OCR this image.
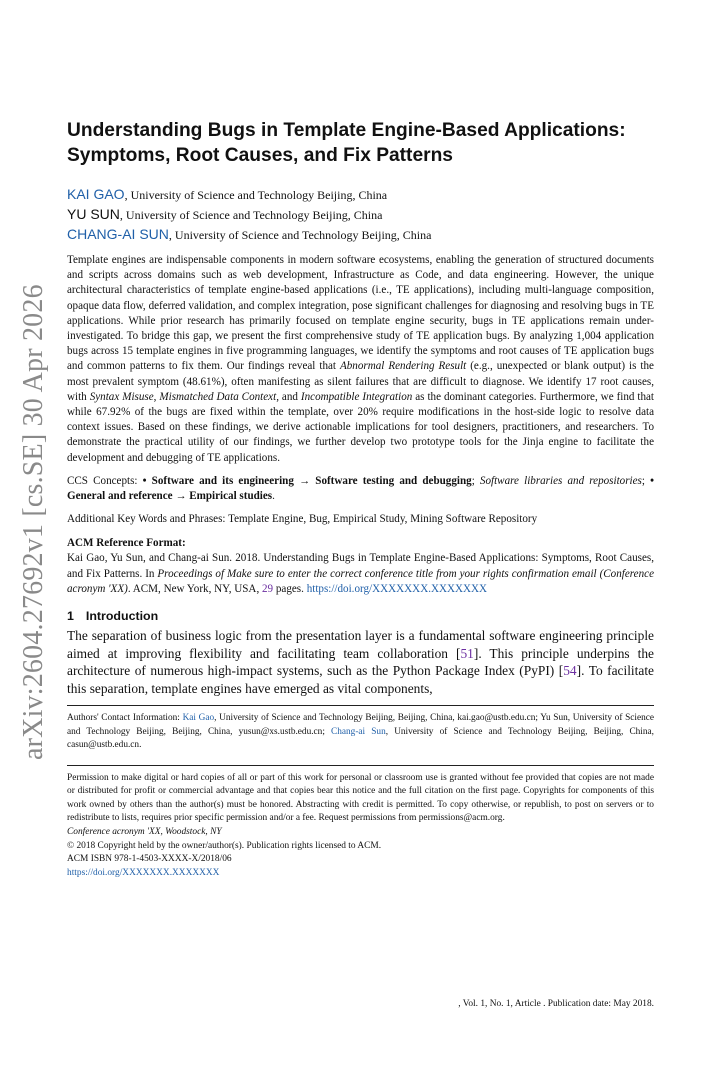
arXiv:2604.27692v1 [cs.SE] 30 Apr 2026
Understanding Bugs in Template Engine-Based Applications: Symptoms, Root Causes, and Fix Patterns
KAI GAO, University of Science and Technology Beijing, China
YU SUN, University of Science and Technology Beijing, China
CHANG-AI SUN, University of Science and Technology Beijing, China
Template engines are indispensable components in modern software ecosystems, enabling the generation of structured documents and scripts across domains such as web development, Infrastructure as Code, and data engineering. However, the unique architectural characteristics of template engine-based applications (i.e., TE applications), including multi-language composition, opaque data flow, deferred validation, and complex integration, pose significant challenges for diagnosing and resolving bugs in TE applications. While prior research has primarily focused on template engine security, bugs in TE applications remain under-investigated. To bridge this gap, we present the first comprehensive study of TE application bugs. By analyzing 1,004 application bugs across 15 template engines in five programming languages, we identify the symptoms and root causes of TE application bugs and common patterns to fix them. Our findings reveal that Abnormal Rendering Result (e.g., unexpected or blank output) is the most prevalent symptom (48.61%), often manifesting as silent failures that are difficult to diagnose. We identify 17 root causes, with Syntax Misuse, Mismatched Data Context, and Incompatible Integration as the dominant categories. Furthermore, we find that while 67.92% of the bugs are fixed within the template, over 20% require modifications in the host-side logic to resolve data context issues. Based on these findings, we derive actionable implications for tool designers, practitioners, and researchers. To demonstrate the practical utility of our findings, we further develop two prototype tools for the Jinja engine to facilitate the development and debugging of TE applications.
CCS Concepts: • Software and its engineering → Software testing and debugging; Software libraries and repositories; • General and reference → Empirical studies.
Additional Key Words and Phrases: Template Engine, Bug, Empirical Study, Mining Software Repository
ACM Reference Format:
Kai Gao, Yu Sun, and Chang-ai Sun. 2018. Understanding Bugs in Template Engine-Based Applications: Symptoms, Root Causes, and Fix Patterns. In Proceedings of Make sure to enter the correct conference title from your rights confirmation email (Conference acronym 'XX). ACM, New York, NY, USA, 29 pages. https://doi.org/XXXXXXX.XXXXXXX
1 Introduction
The separation of business logic from the presentation layer is a fundamental software engineering principle aimed at improving flexibility and facilitating team collaboration [51]. This principle underpins the architecture of numerous high-impact systems, such as the Python Package Index (PyPI) [54]. To facilitate this separation, template engines have emerged as vital components,
Authors' Contact Information: Kai Gao, University of Science and Technology Beijing, Beijing, China, kai.gao@ustb.edu.cn; Yu Sun, University of Science and Technology Beijing, Beijing, China, yusun@xs.ustb.edu.cn; Chang-ai Sun, University of Science and Technology Beijing, Beijing, China, casun@ustb.edu.cn.

Permission to make digital or hard copies of all or part of this work for personal or classroom use is granted without fee provided that copies are not made or distributed for profit or commercial advantage and that copies bear this notice and the full citation on the first page. Copyrights for components of this work owned by others than the author(s) must be honored. Abstracting with credit is permitted. To copy otherwise, or republish, to post on servers or to redistribute to lists, requires prior specific permission and/or a fee. Request permissions from permissions@acm.org.

Conference acronym 'XX, Woodstock, NY

© 2018 Copyright held by the owner/author(s). Publication rights licensed to ACM.

ACM ISBN 978-1-4503-XXXX-X/2018/06

https://doi.org/XXXXXXX.XXXXXXX

, Vol. 1, No. 1, Article . Publication date: May 2018.
